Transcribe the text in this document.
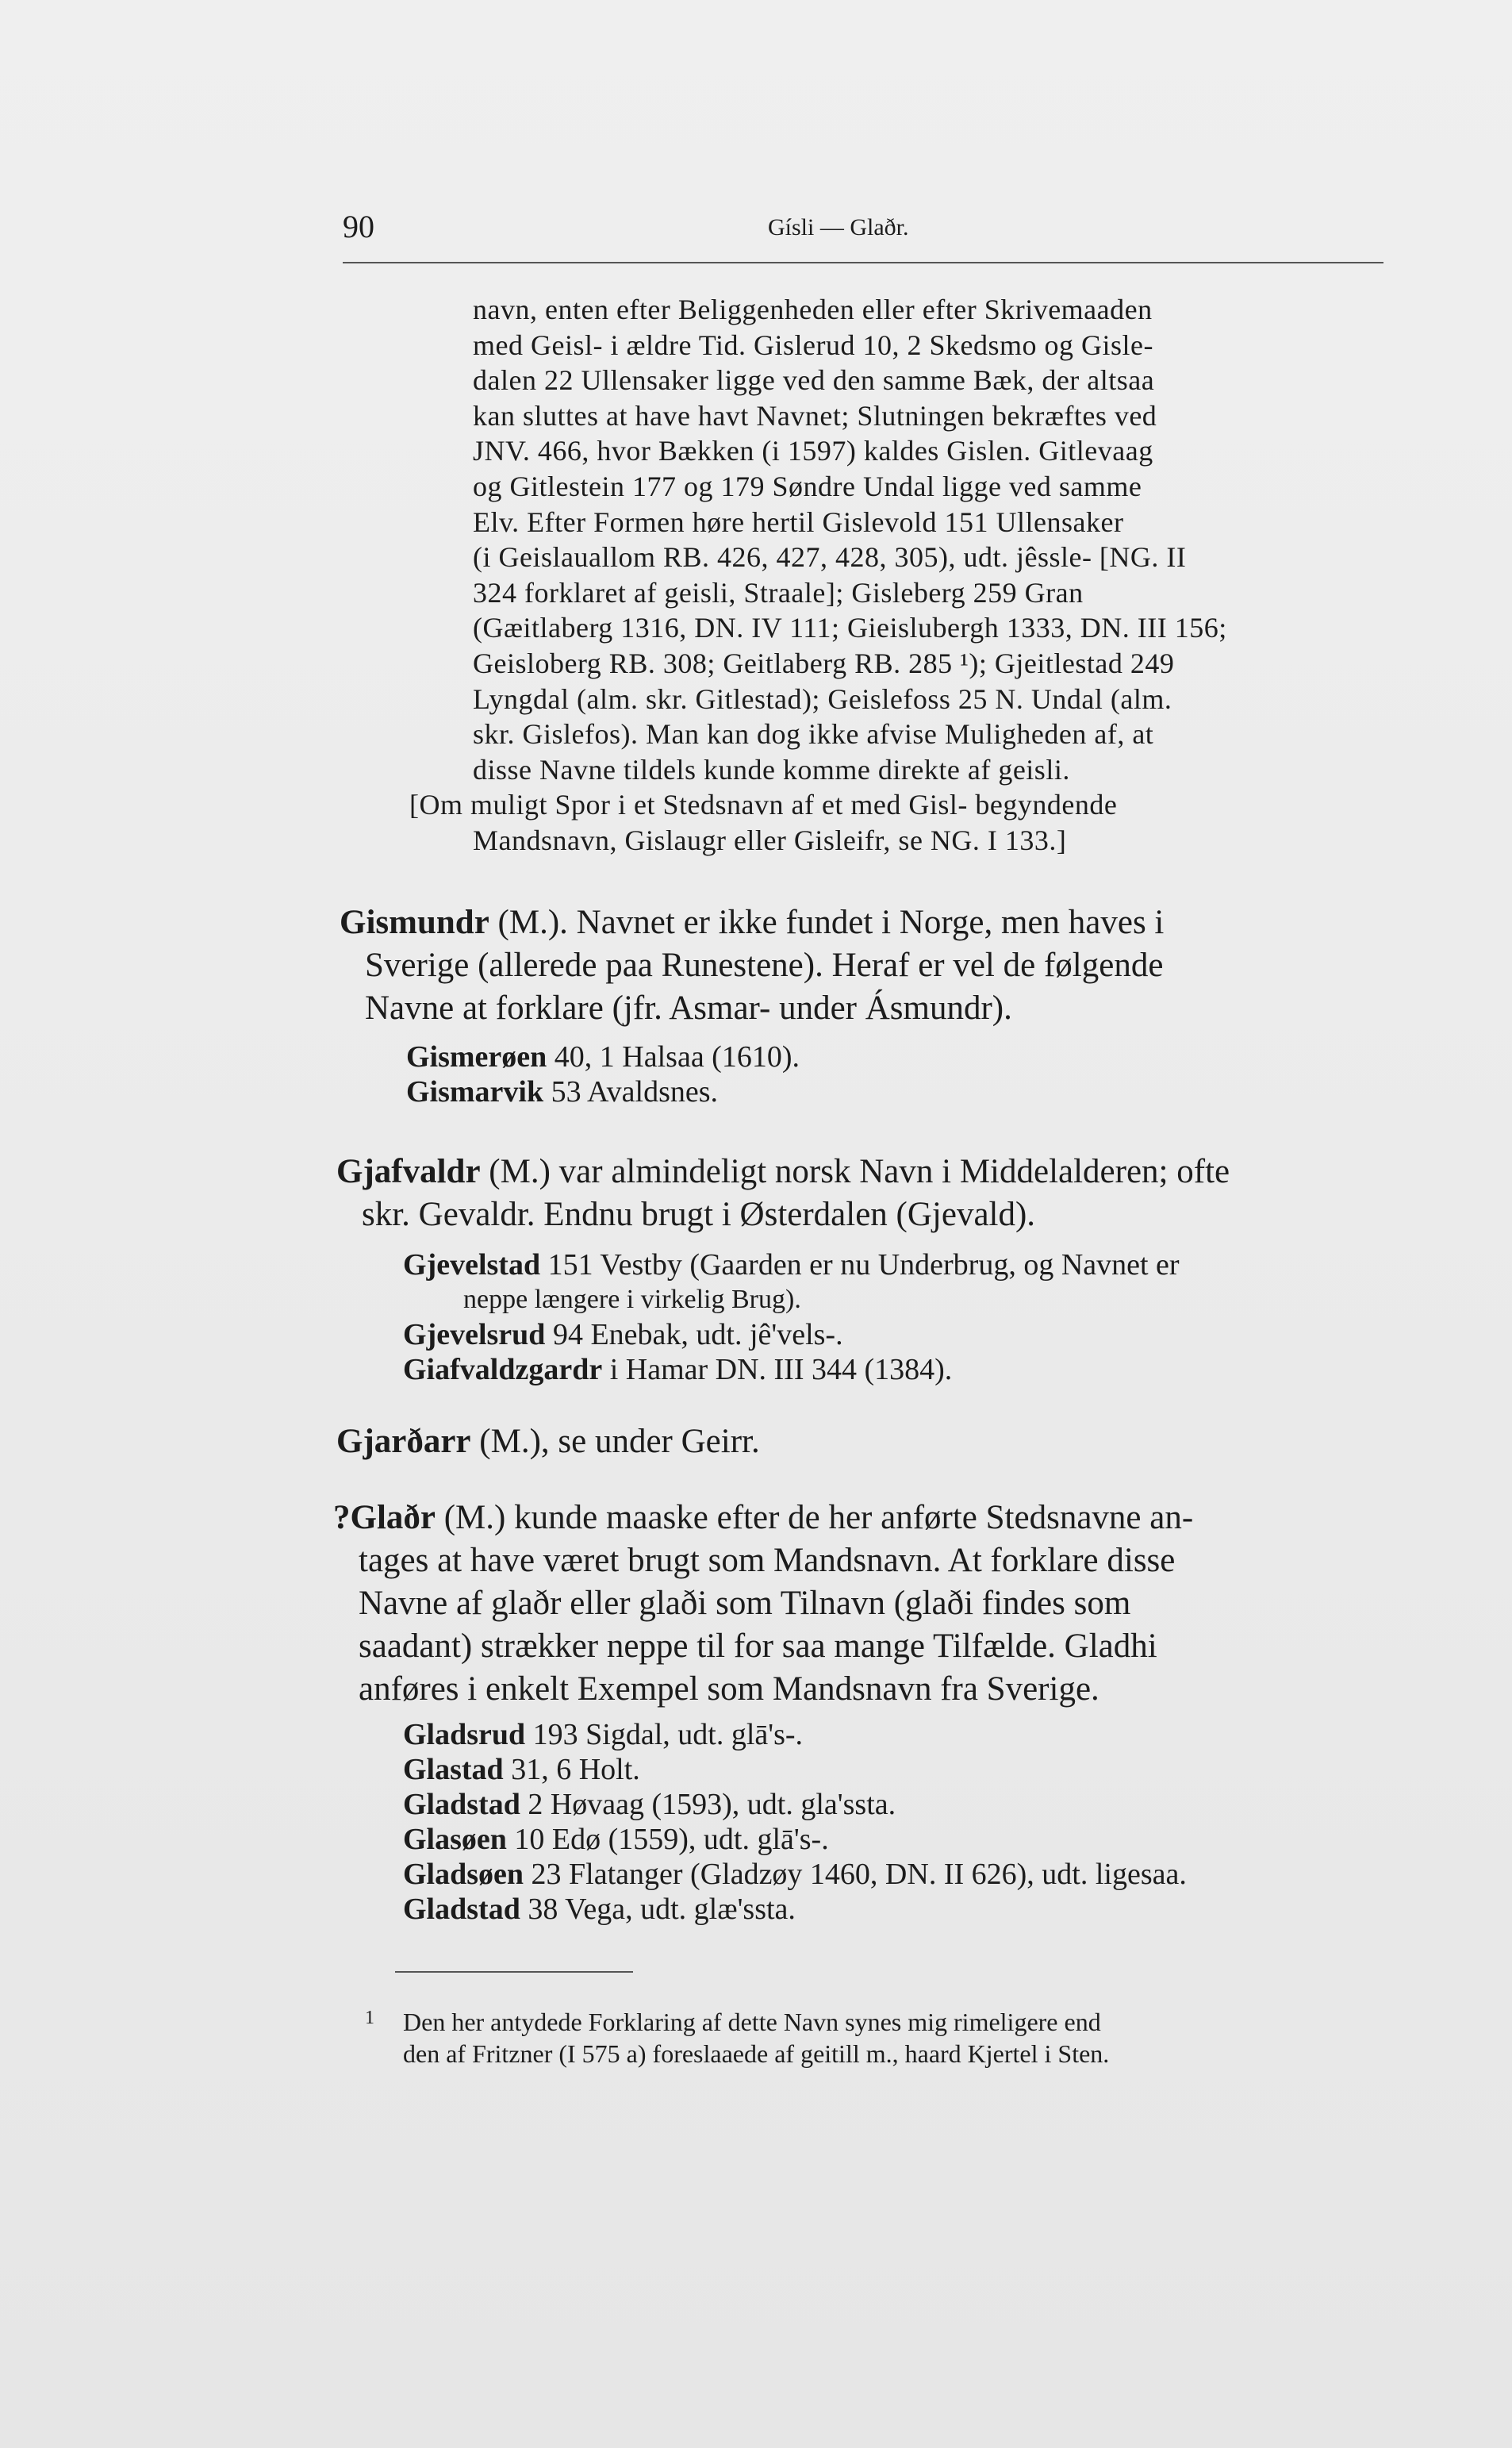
90	Gísli — Glaðr.
navn, enten efter Beliggenheden eller efter Skrivemaaden
med Geisl- i ældre Tid. Gislerud 10, 2 Skedsmo og Gisle-
dalen 22 Ullensaker ligge ved den samme Bæk, der altsaa
kan sluttes at have havt Navnet; Slutningen bekræftes ved
JNV. 466, hvor Bækken (i 1597) kaldes Gislen. Gitlevaag
og Gitlestein 177 og 179 Søndre Undal ligge ved samme
Elv. Efter Formen høre hertil Gislevold 151 Ullensaker
(i Geislauallom RB. 426, 427, 428, 305), udt. jêssle- [NG. II
324 forklaret af geisli, Straale]; Gisleberg 259 Gran
(Gæitlaberg 1316, DN. IV 111; Gieislubergh 1333, DN. III 156;
Geisloberg RB. 308; Geitlaberg RB. 285 ¹); Gjeitlestad 249
Lyngdal (alm. skr. Gitlestad); Geislefoss 25 N. Undal (alm.
skr. Gislefos). Man kan dog ikke afvise Muligheden af, at
disse Navne tildels kunde komme direkte af geisli.
[Om muligt Spor i et Stedsnavn af et med Gisl- begyndende
Mandsnavn, Gislaugr eller Gisleifr, se NG. I 133.]
Gismundr (M.). Navnet er ikke fundet i Norge, men haves i
Sverige (allerede paa Runestene). Heraf er vel de følgende
Navne at forklare (jfr. Asmar- under Ásmundr).
Gismerøen 40, 1 Halsaa (1610).
Gismarvik 53 Avaldsnes.
Gjafvaldr (M.) var almindeligt norsk Navn i Middelalderen; ofte
skr. Gevaldr. Endnu brugt i Østerdalen (Gjevald).
Gjevelstad 151 Vestby (Gaarden er nu Underbrug, og Navnet er
neppe længere i virkelig Brug).
Gjevelsrud 94 Enebak, udt. jê'vels-.
Giafvaldzgardr i Hamar DN. III 344 (1384).
Gjarðarr (M.), se under Geirr.
?Glaðr (M.) kunde maaske efter de her anførte Stedsnavne an-
tages at have været brugt som Mandsnavn. At forklare disse
Navne af glaðr eller glaði som Tilnavn (glaði findes som
saadant) strækker neppe til for saa mange Tilfælde. Gladhi
anføres i enkelt Exempel som Mandsnavn fra Sverige.
Gladsrud 193 Sigdal, udt. glā's-.
Glastad 31, 6 Holt.
Gladstad 2 Høvaag (1593), udt. gla'ssta.
Glasøen 10 Edø (1559), udt. glā's-.
Gladsøen 23 Flatanger (Gladzøy 1460, DN. II 626), udt. ligesaa.
Gladstad 38 Vega, udt. glæ'ssta.
1 Den her antydede Forklaring af dette Navn synes mig rimeligere end
den af Fritzner (I 575 a) foreslaaede af geitill m., haard Kjertel i Sten.
